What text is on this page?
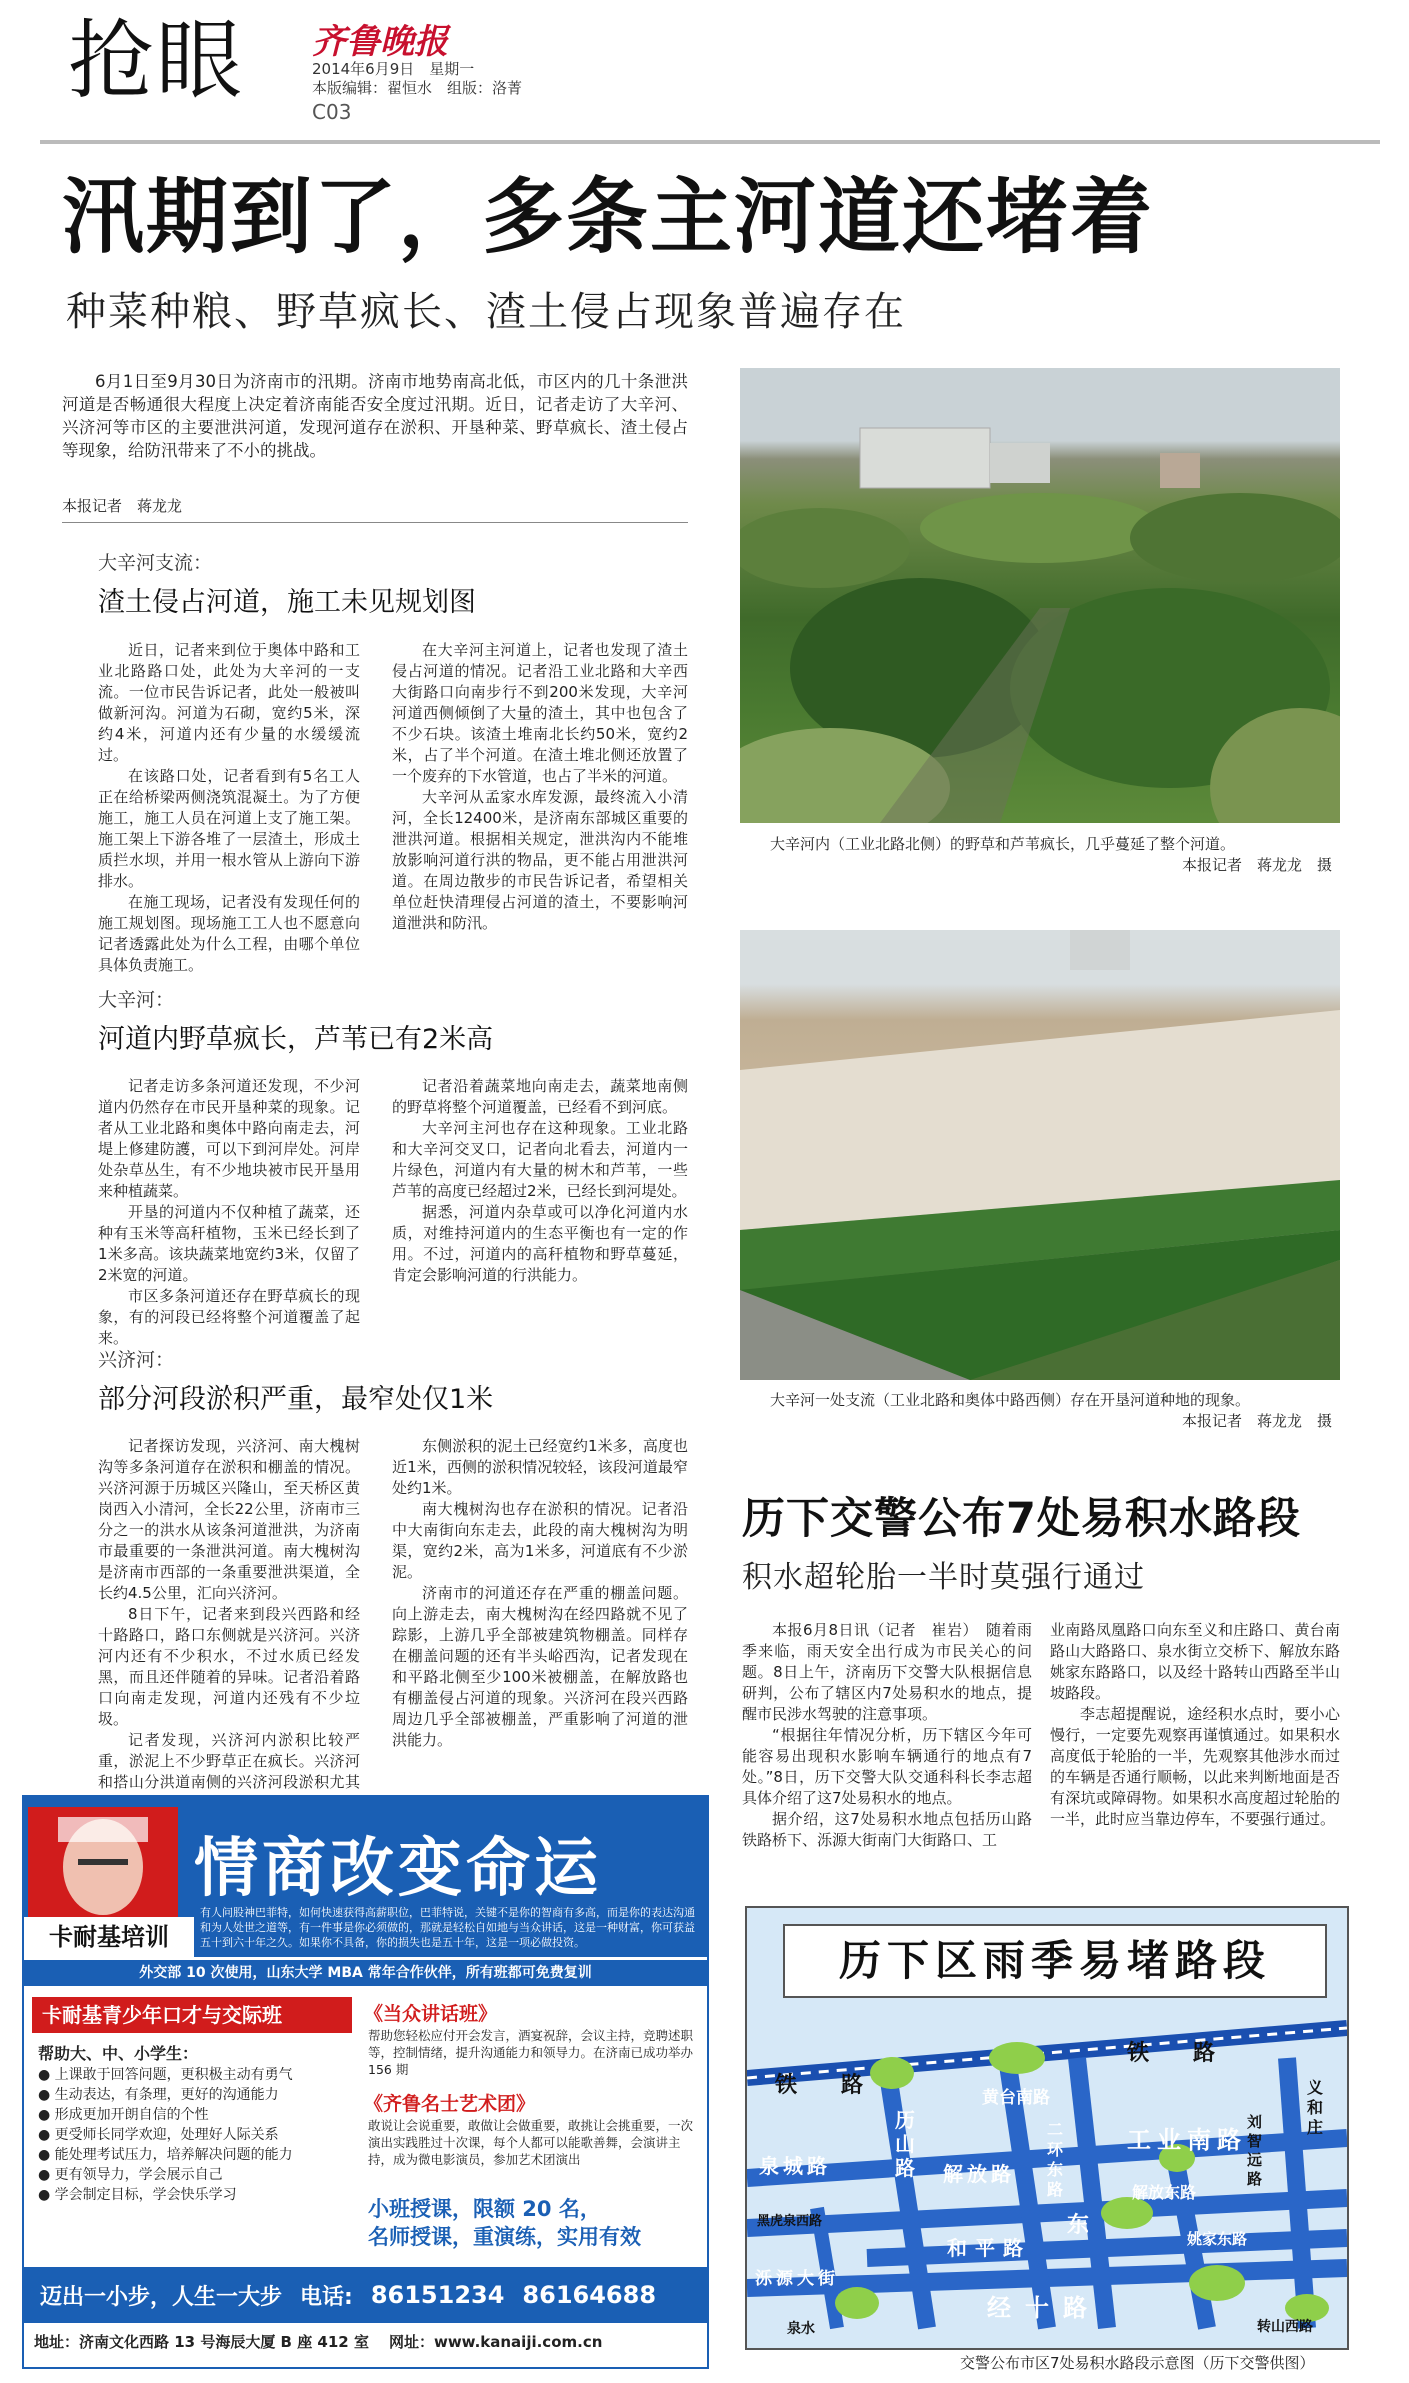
抢眼 齐鲁晚报
2014年6月9日　星期一
本版编辑：翟恒水　组版：洛菁
C03
汛期到了，多条主河道还堵着
种菜种粮、野草疯长、渣土侵占现象普遍存在
6月1日至9月30日为济南市的汛期。济南市地势南高北低，市区内的几十条泄洪河道是否畅通很大程度上决定着济南能否安全度过汛期。近日，记者走访了大辛河、兴济河等市区的主要泄洪河道，发现河道存在淤积、开垦种菜、野草疯长、渣土侵占等现象，给防汛带来了不小的挑战。
本报记者　蒋龙龙
大辛河支流：
渣土侵占河道，施工未见规划图

近日，记者来到位于奥体中路和工业北路路口处，此处为大辛河的一支流。一位市民告诉记者，此处一般被叫做新河沟。河道为石砌，宽约5米，深约4米，河道内还有少量的水缓缓流过。

在该路口处，记者看到有5名工人正在给桥梁两侧浇筑混凝土。为了方便施工，施工人员在河道上支了施工架。施工架上下游各堆了一层渣土，形成土质拦水坝，并用一根水管从上游向下游排水。

在施工现场，记者没有发现任何的施工规划图。现场施工工人也不愿意向记者透露此处为什么工程，由哪个单位具体负责施工。

在大辛河主河道上，记者也发现了渣土侵占河道的情况。记者沿工业北路和大辛西大街路口向南步行不到200米发现，大辛河河道西侧倾倒了大量的渣土，其中也包含了不少石块。该渣土堆南北长约50米，宽约2米，占了半个河道。在渣土堆北侧还放置了一个废弃的下水管道，也占了半米的河道。

大辛河从孟家水库发源，最终流入小清河，全长12400米，是济南东部城区重要的泄洪河道。根据相关规定，泄洪沟内不能堆放影响河道行洪的物品，更不能占用泄洪河道。在周边散步的市民告诉记者，希望相关单位赶快清理侵占河道的渣土，不要影响河道泄洪和防汛。

大辛河：
河道内野草疯长，芦苇已有2米高

记者走访多条河道还发现，不少河道内仍然存在市民开垦种菜的现象。记者从工业北路和奥体中路向南走去，河堤上修建防護，可以下到河岸处。河岸处杂草丛生，有不少地块被市民开垦用来种植蔬菜。

开垦的河道内不仅种植了蔬菜，还种有玉米等高秆植物，玉米已经长到了1米多高。该块蔬菜地宽约3米，仅留了2米宽的河道。

市区多条河道还存在野草疯长的现象，有的河段已经将整个河道覆盖了起来。

记者沿着蔬菜地向南走去，蔬菜地南侧的野草将整个河道覆盖，已经看不到河底。

大辛河主河也存在这种现象。工业北路和大辛河交叉口，记者向北看去，河道内一片绿色，河道内有大量的树木和芦苇，一些芦苇的高度已经超过2米，已经长到河堤处。

据悉，河道内杂草或可以净化河道内水质，对维持河道内的生态平衡也有一定的作用。不过，河道内的高秆植物和野草蔓延，肯定会影响河道的行洪能力。

兴济河：
部分河段淤积严重，最窄处仅1米

记者探访发现，兴济河、南大槐树沟等多条河道存在淤积和棚盖的情况。兴济河源于历城区兴隆山，至天桥区黄岗西入小清河，全长22公里，济南市三分之一的洪水从该条河道泄洪，为济南市最重要的一条泄洪河道。南大槐树沟是济南市西部的一条重要泄洪渠道，全长约4.5公里，汇向兴济河。

8日下午，记者来到段兴西路和经十路路口，路口东侧就是兴济河。兴济河内还有不少积水，不过水质已经发黑，而且还伴随着的异味。记者沿着路口向南走发现，河道内还残有不少垃圾。

记者发现，兴济河内淤积比较严重，淤泥上不少野草正在疯长。兴济河和搭山分洪道南侧的兴济河段淤积尤其

东侧淤积的泥土已经宽约1米多，高度也近1米，西侧的淤积情况较轻，该段河道最窄处约1米。

南大槐树沟也存在淤积的情况。记者沿中大南街向东走去，此段的南大槐树沟为明渠，宽约2米，高为1米多，河道底有不少淤泥。

济南市的河道还存在严重的棚盖问题。向上游走去，南大槐树沟在经四路就不见了踪影，上游几乎全部被建筑物棚盖。同样存在棚盖问题的还有半头峪西沟，记者发现在和平路北侧至少100米被棚盖，在解放路也有棚盖侵占河道的现象。兴济河在段兴西路周边几乎全部被棚盖，严重影响了河道的泄洪能力。

大辛河内（工业北路北侧）的野草和芦苇疯长，几乎蔓延了整个河道。
本报记者　蒋龙龙　摄
大辛河一处支流（工业北路和奥体中路西侧）存在开垦河道种地的现象。
本报记者　蒋龙龙　摄
历下交警公布7处易积水路段
积水超轮胎一半时莫强行通过

本报6月8日讯（记者　崔岩）　随着雨季来临，雨天安全出行成为市民关心的问题。8日上午，济南历下交警大队根据信息研判，公布了辖区内7处易积水的地点，提醒市民涉水驾驶的注意事项。

“根据往年情况分析，历下辖区今年可能容易出现积水影响车辆通行的地点有7处。”8日，历下交警大队交通科科长李志超具体介绍了这7处易积水的地点。

据介绍，这7处易积水地点包括历山路铁路桥下、泺源大街南门大街路口、工

业南路凤凰路口向东至义和庄路口、黄台南路山大路路口、泉水街立交桥下、解放东路姚家东路路口，以及经十路转山西路至半山坡路段。

李志超提醒说，途经积水点时，要小心慢行，一定要先观察再谨慎通过。如果积水高度低于轮胎的一半，先观察其他涉水而过的车辆是否通行顺畅，以此来判断地面是否有深坑或障碍物。如果积水高度超过轮胎的一半，此时应当靠边停车，不要强行通过。

历下区雨季易堵路段
铁　　路
铁　　路
历山路
黄台南路
工业南路
义和庄
刘智远路
泉城路	解放路
东
和平路
泺源大街
经十路
黑虎泉西路
泉水	转山西路
解放东路
二环东路
姚家东路
交警公布市区7处易积水路段示意图（历下交警供图）
情商改变命运
卡耐基培训
有人问股神巴菲特，如何快速获得高薪职位，巴菲特说，关键不是你的智商有多高，而是你的表达沟通和为人处世之道等，有一件事是你必须做的，那就是轻松自如地与当众讲话，这是一种财富，你可获益五十到六十年之久。如果你不具备，你的损失也是五十年，这是一项必做投资。
外交部 10 次使用，山东大学 MBA 常年合作伙伴，所有班都可免费复训
卡耐基青少年口才与交际班
帮助大、中、小学生：
● 上课敢于回答问题，更积极主动有勇气
● 生动表达，有条理，更好的沟通能力
● 形成更加开朗自信的个性
● 更受师长同学欢迎，处理好人际关系
● 能处理考试压力，培养解决问题的能力
● 更有领导力，学会展示自己
● 学会制定目标，学会快乐学习
《当众讲话班》
帮助您轻松应付开会发言，酒宴祝辞，会议主持，竞聘述职等，控制情绪，提升沟通能力和领导力。在济南已成功举办 156 期
《齐鲁名士艺术团》
敢说让会说重要，敢做让会做重要，敢挑让会挑重要，一次演出实践胜过十次课，每个人都可以能歌善舞，会演讲主持，成为微电影演员，参加艺术团演出
小班授课，限额 20 名，
名师授课，重演练，实用有效
迈出一小步，人生一大步 电话: 86151234 86164688
地址：济南文化西路 13 号海辰大厦 B 座 412 室 网址：www.kanaiji.com.cn
